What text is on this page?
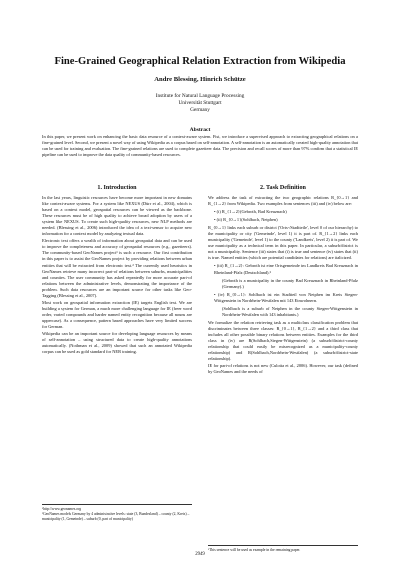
Fine-Grained Geographical Relation Extraction from Wikipedia
Andre Blessing, Hinrich Schütze
Institute for Natural Language Processing
Universität Stuttgart
Germany
Abstract

In this paper, we present work on enhancing the basic data resource of a context-aware system. Fist, we introduce a supervised approach to extracting geographical relations on a fine-grained level. Second, we present a novel way of using Wikipedia as a corpus based on self-annotation. A self-annotation is an automatically created high-quality annotation that can be used for training and evaluation. The fine-grained relations are used to complete gazetteer data. The precision and recall scores of more than 97% confirm that a statistical IE pipeline can be used to improve the data quality of community-based resources.

1. Introduction

In the last years, linguistic resources have become more important in new domains like context-aware systems. For a system like NEXUS (Dürr et al., 2004), which is based on a context model, geospatial resources can be viewed as the backbone. These resources must be of high quality to achieve broad adoption by users of a system like NEXUS. To create such high-quality resources, new NLP methods are needed. (Blessing et al., 2006) introduced the idea of a text-sensor to acquire new information for a context model by analyzing textual data.

Electronic text offers a wealth of information about geospatial data and can be used to improve the completeness and accuracy of geospatial resources (e.g., gazetteers). The community-based GeoNames project¹ is such a resource. Our first contribution in this paper is to assist the GeoNames project by providing relations between urban entities that will be extracted from electronic text.² The currently used heuristics in GeoNames retrieve many incorrect part-of relations between suburbs, municipalities and counties. The user community has asked repeatedly for more accurate part-of relations between the administrative levels, demonstrating the importance of the problem. Such data resources are an important source for other tasks like Geo-Tagging (Blessing et al., 2007).

Most work on geospatial information extraction (IE) targets English text. We are building a system for German, a much more challenging language for IE (freer word order, varied compounds and harder named entity recognition because all nouns are uppercase). As a consequence, pattern based approaches have very limited success for German.

Wikipedia can be an important source for developing language resources by means of self-annotation – using structured data to create high-quality annotations automatically. (Nothman et al., 2009) showed that such an annotated Wikipedia corpus can be used as gold standard for NER training.

¹http://www.geonames.org
²GeoNames models Germany by 4 administrative levels: state (3, Bundesland) – county (2, Kreis) – municipality (1, Gemeinde) – suburb (0, part of municipality)
2. Task Definition

We address the task of extracting the two geographic relations R_{0→1} and R_{1→2} from Wikipedia. Two examples from sentences (iii) and (iv) below are:

• (i) R_{1→2}(Gebroth, Bad Kreuznach)
• (ii) R_{0→1}(Sohlbach, Netphen)

R_{0→1} links each suburb or district ('Orts-/Stadtteile', level 0 of our hierarchy) to the municipality or city ('Gemeinde', level 1) it is part of. R_{1→2} links each municipality ('Gemeinde', level 1) to the county ('Landkreis', level 2) it is part of. We use municipality as a technical term in this paper. In particular, a suburb/district is not a municipality. Sentence (iii) states that (i) is true and sentence (iv) states that (ii) is true. Named entities (which are potential candidates for relations) are italicized.

• (iii) R_{1→2}: Gebroth ist eine Ortsgemeinde im Landkreis Bad Kreuznach in Rheinland-Pfalz (Deutschland).³
(Gebroth is a municipality in the county Bad Kreuznach in Rheinland-Pfalz (Germany).)
• (iv) R_{0→1}: Sohlbach ist ein Stadtteil von Netphen im Kreis Siegen-Wittgenstein in Nordrhein-Westfalen mit 143 Einwohnern.
(Sohlbach is a suburb of Netphen in the county Siegen-Wittgenstein in Nordrhein-Westfalen with 143 inhabitants.)

We formalize the relation retrieving task as a multiclass classification problem that discriminates between three classes: R_{0→1}, R_{1→2} and a third class that includes all other possible binary relations between entities. Examples for the third class in (iv) are R(Sohlbach,Siegen-Wittgenstein) (a suburb/district-county relationship that could easily be misrecognized as a municipality-county relationship) and R(Sohlbach,Nordrhein-Westfalen) (a suburb/district-state relationship).

IE for part-of relations is not new (Culotta et al., 2006). However, our task (defined by GeoNames and the needs of

³This sentence will be used as example in the remaining paper.
2949
